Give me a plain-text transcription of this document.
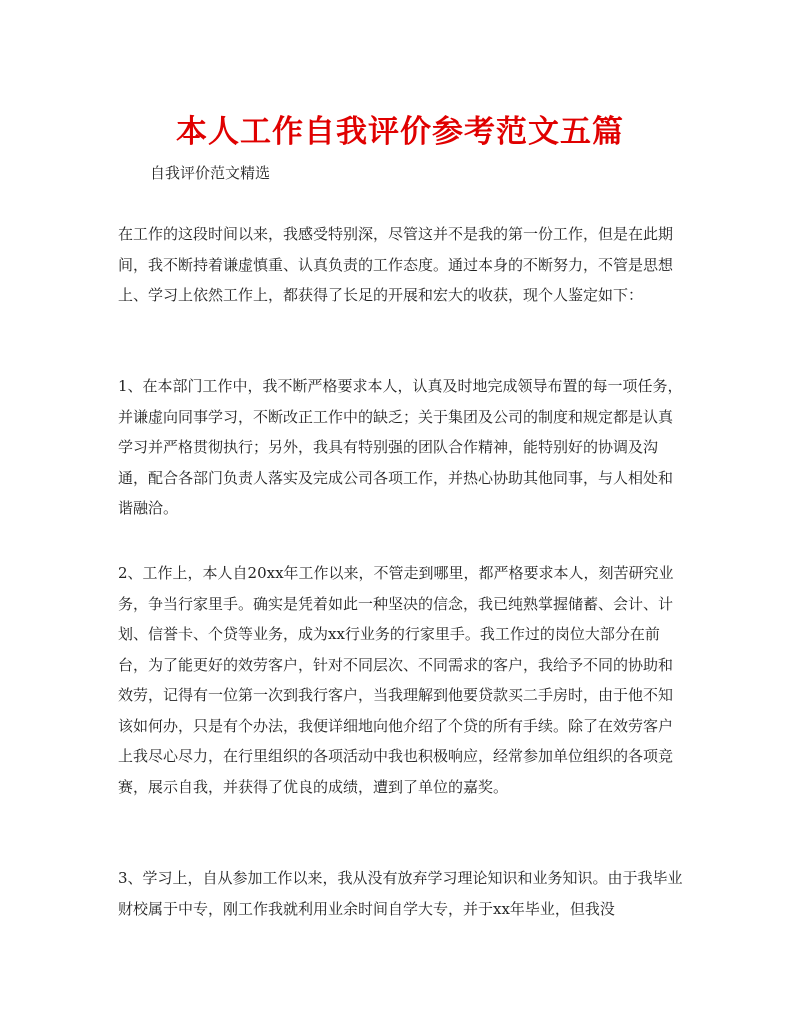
本人工作自我评价参考范文五篇

自我评价范文精选

在工作的这段时间以来，我感受特别深，尽管这并不是我的第一份工作，但是在此期间，我不断持着谦虚慎重、认真负责的工作态度。通过本身的不断努力，不管是思想上、学习上依然工作上，都获得了长足的开展和宏大的收获，现个人鉴定如下：

1、在本部门工作中，我不断严格要求本人，认真及时地完成领导布置的每一项任务，并谦虚向同事学习，不断改正工作中的缺乏；关于集团及公司的制度和规定都是认真学习并严格贯彻执行；另外，我具有特别强的团队合作精神，能特别好的协调及沟通，配合各部门负责人落实及完成公司各项工作，并热心协助其他同事，与人相处和谐融洽。

2、工作上，本人自20xx年工作以来，不管走到哪里，都严格要求本人，刻苦研究业务，争当行家里手。确实是凭着如此一种坚决的信念，我已纯熟掌握储蓄、会计、计划、信誉卡、个贷等业务，成为xx行业务的行家里手。我工作过的岗位大部分在前台，为了能更好的效劳客户，针对不同层次、不同需求的客户，我给予不同的协助和效劳，记得有一位第一次到我行客户，当我理解到他要贷款买二手房时，由于他不知该如何办，只是有个办法，我便详细地向他介绍了个贷的所有手续。除了在效劳客户上我尽心尽力，在行里组织的各项活动中我也积极响应，经常参加单位组织的各项竞赛，展示自我，并获得了优良的成绩，遭到了单位的嘉奖。

3、学习上，自从参加工作以来，我从没有放弃学习理论知识和业务知识。由于我毕业财校属于中专，刚工作我就利用业余时间自学大专，并于xx年毕业，但我没
